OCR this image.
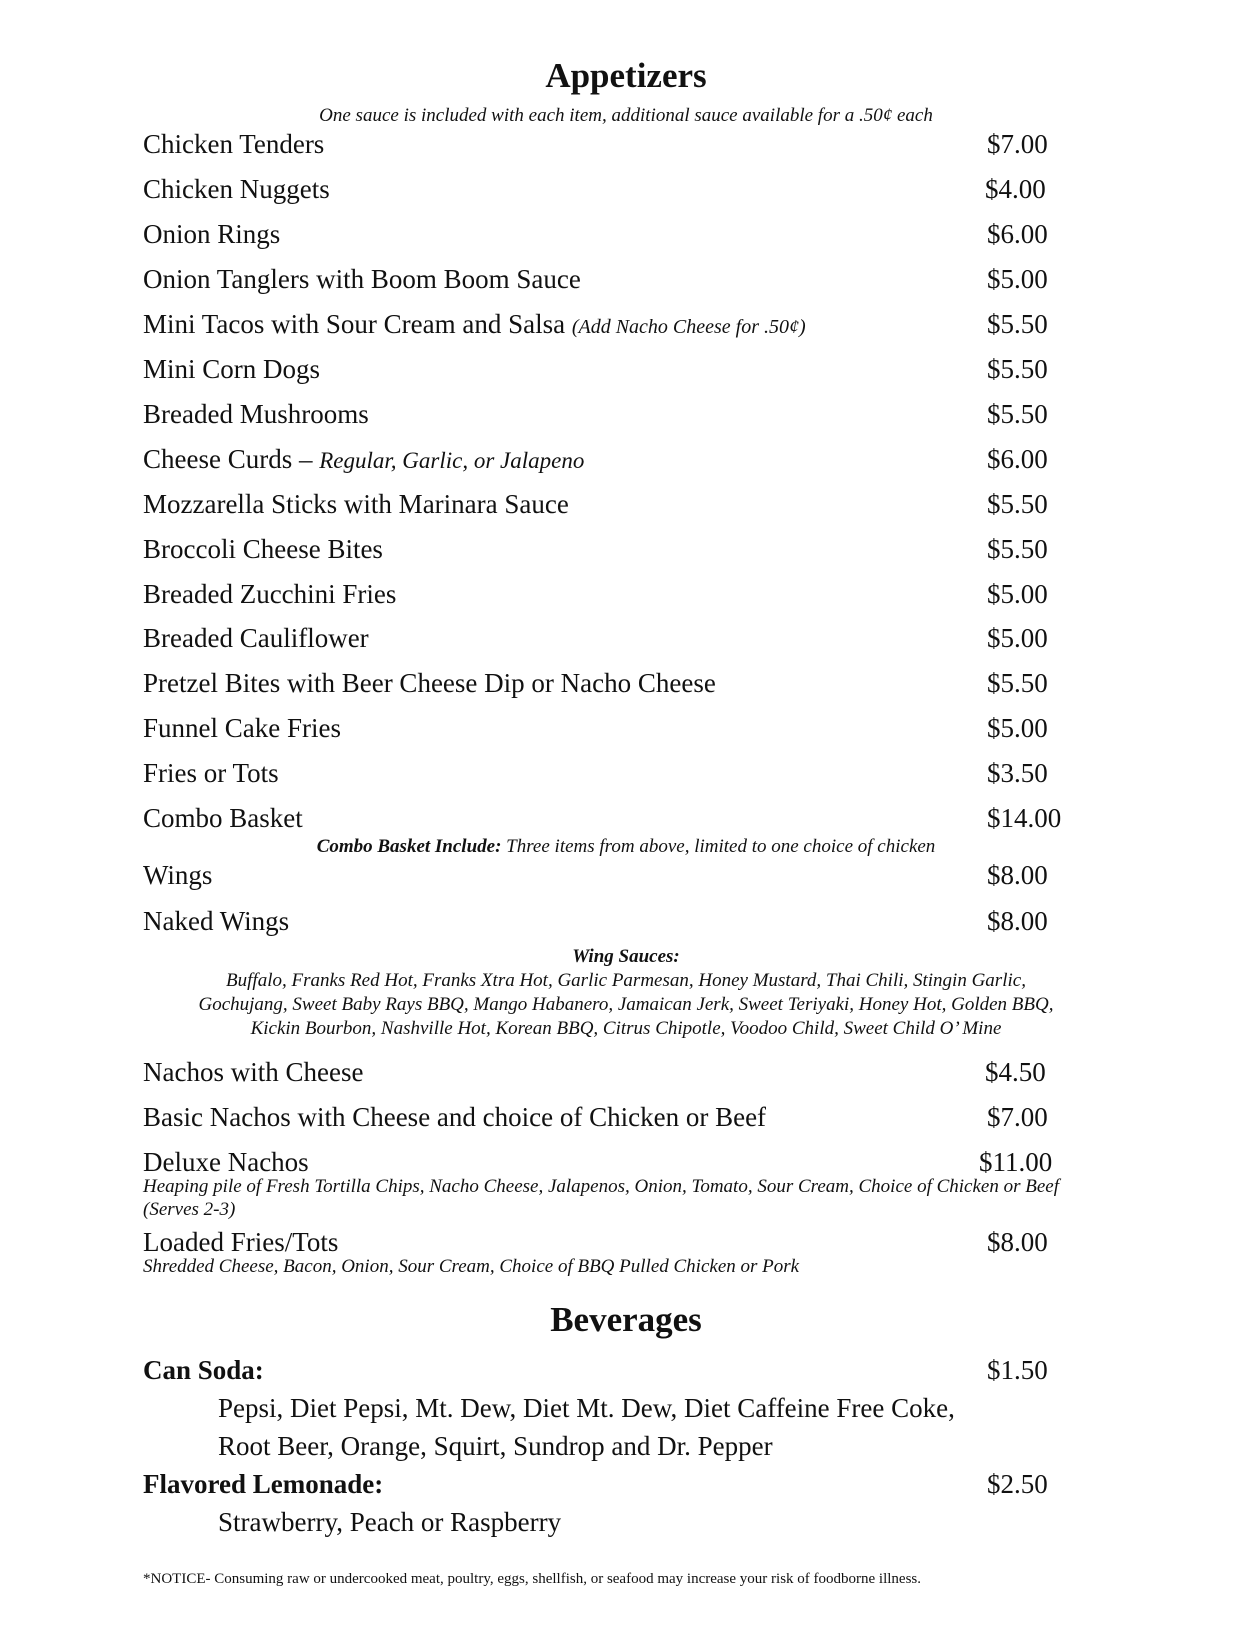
Appetizers
One sauce is included with each item, additional sauce available for a .50¢ each
Chicken Tenders	$7.00
Chicken Nuggets	$4.00
Onion Rings	$6.00
Onion Tanglers with Boom Boom Sauce	$5.00
Mini Tacos with Sour Cream and Salsa (Add Nacho Cheese for .50¢)	$5.50
Mini Corn Dogs	$5.50
Breaded Mushrooms	$5.50
Cheese Curds – Regular, Garlic, or Jalapeno	$6.00
Mozzarella Sticks with Marinara Sauce	$5.50
Broccoli Cheese Bites	$5.50
Breaded Zucchini Fries	$5.00
Breaded Cauliflower	$5.00
Pretzel Bites with Beer Cheese Dip or Nacho Cheese	$5.50
Funnel Cake Fries	$5.00
Fries or Tots	$3.50
Combo Basket	$14.00
Combo Basket Include: Three items from above, limited to one choice of chicken
Wings	$8.00
Naked Wings	$8.00
Wing Sauces:
Buffalo, Franks Red Hot, Franks Xtra Hot, Garlic Parmesan, Honey Mustard, Thai Chili, Stingin Garlic,
Gochujang, Sweet Baby Rays BBQ, Mango Habanero, Jamaican Jerk, Sweet Teriyaki, Honey Hot, Golden BBQ,
Kickin Bourbon, Nashville Hot, Korean BBQ, Citrus Chipotle, Voodoo Child, Sweet Child O’ Mine
Nachos with Cheese	$4.50
Basic Nachos with Cheese and choice of Chicken or Beef	$7.00
Deluxe Nachos	$11.00
Heaping pile of Fresh Tortilla Chips, Nacho Cheese, Jalapenos, Onion, Tomato, Sour Cream, Choice of Chicken or Beef (Serves 2-3)
Loaded Fries/Tots	$8.00
Shredded Cheese, Bacon, Onion, Sour Cream, Choice of BBQ Pulled Chicken or Pork
Beverages
Can Soda:	$1.50
Pepsi, Diet Pepsi, Mt. Dew, Diet Mt. Dew, Diet Caffeine Free Coke,
Root Beer, Orange, Squirt, Sundrop and Dr. Pepper
Flavored Lemonade:	$2.50
Strawberry, Peach or Raspberry
*NOTICE- Consuming raw or undercooked meat, poultry, eggs, shellfish, or seafood may increase your risk of foodborne illness.
